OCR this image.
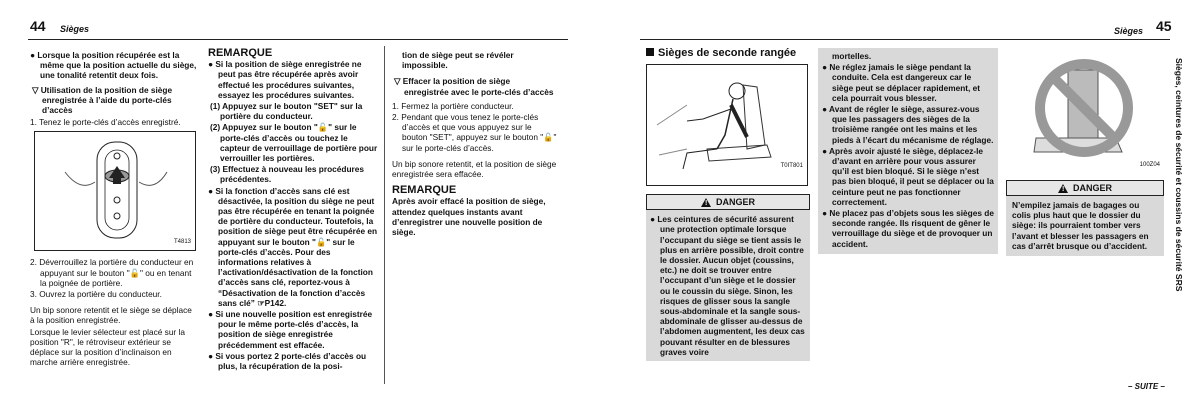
44 Sièges

● Lorsque la position récupérée est la même que la position actuelle du siège, une tonalité retentit deux fois.

▽ Utilisation de la position de siège enregistrée à l’aide du porte-clés d’accès

1. Tenez le porte-clés d’accès enregistré.

T4813

2. Déverrouillez la portière du conducteur en appuyant sur le bouton "🔓" ou en tenant la poignée de portière.

3. Ouvrez la portière du conducteur.

Un bip sonore retentit et le siège se déplace à la position enregistrée.

Lorsque le levier sélecteur est placé sur la position "R", le rétroviseur extérieur se déplace sur la position d’inclinaison en marche arrière enregistrée.

REMARQUE

● Si la position de siège enregistrée ne peut pas être récupérée après avoir effectué les procédures suivantes, essayez les procédures suivantes.

(1) Appuyez sur le bouton "SET" sur la portière du conducteur.

(2) Appuyez sur le bouton "🔓" sur le porte-clés d’accès ou touchez le capteur de verrouillage de portière pour verrouiller les portières.

(3) Effectuez à nouveau les procédures précédentes.

● Si la fonction d’accès sans clé est désactivée, la position du siège ne peut pas être récupérée en tenant la poignée de portière du conducteur. Toutefois, la position de siège peut être récupérée en appuyant sur le bouton "🔓" sur le porte-clés d’accès. Pour des informations relatives à l’activation/désactivation de la fonction d’accès sans clé, reportez-vous à “Désactivation de la fonction d’accès sans clé” ☞P142.

● Si une nouvelle position est enregistrée pour le même porte-clés d’accès, la position de siège enregistrée précédemment est effacée.

● Si vous portez 2 porte-clés d’accès ou plus, la récupération de la posi-

tion de siège peut se révéler impossible.

▽ Effacer la position de siège enregistrée avec le porte-clés d’accès

1. Fermez la portière conducteur.

2. Pendant que vous tenez le porte-clés d’accès et que vous appuyez sur le bouton "SET", appuyez sur le bouton "🔓" sur le porte-clés d’accès.

Un bip sonore retentit, et la position de siège enregistrée sera effacée.

REMARQUE

Après avoir effacé la position de siège, attendez quelques instants avant d’enregistrer une nouvelle position de siège.

Sièges 45

Sièges de seconde rangée

T0IT801
! DANGER

● Les ceintures de sécurité assurent une protection optimale lorsque l’occupant du siège se tient assis le plus en arrière possible, droit contre le dossier. Aucun objet (coussins, etc.) ne doit se trouver entre l’occupant d’un siège et le dossier ou le coussin du siège. Sinon, les risques de glisser sous la sangle sous-abdominale et la sangle sous-abdominale de glisser au-dessus de l’abdomen augmentent, les deux cas pouvant résulter en de blessures graves voire

mortelles.

● Ne réglez jamais le siège pendant la conduite. Cela est dangereux car le siège peut se déplacer rapidement, et cela pourrait vous blesser.

● Avant de régler le siège, assurez-vous que les passagers des sièges de la troisième rangée ont les mains et les pieds à l’écart du mécanisme de réglage.

● Après avoir ajusté le siège, déplacez-le d’avant en arrière pour vous assurer qu’il est bien bloqué. Si le siège n’est pas bien bloqué, il peut se déplacer ou la ceinture peut ne pas fonctionner correctement.

● Ne placez pas d’objets sous les sièges de seconde rangée. Ils risquent de gêner le verrouillage du siège et de provoquer un accident.

100Z04
! DANGER

N’empilez jamais de bagages ou colis plus haut que le dossier du siège: ils pourraient tomber vers l’avant et blesser les passagers en cas d’arrêt brusque ou d’accident.	Sièges, ceintures de sécurité et coussins de sécurité SRS
– SUITE –
